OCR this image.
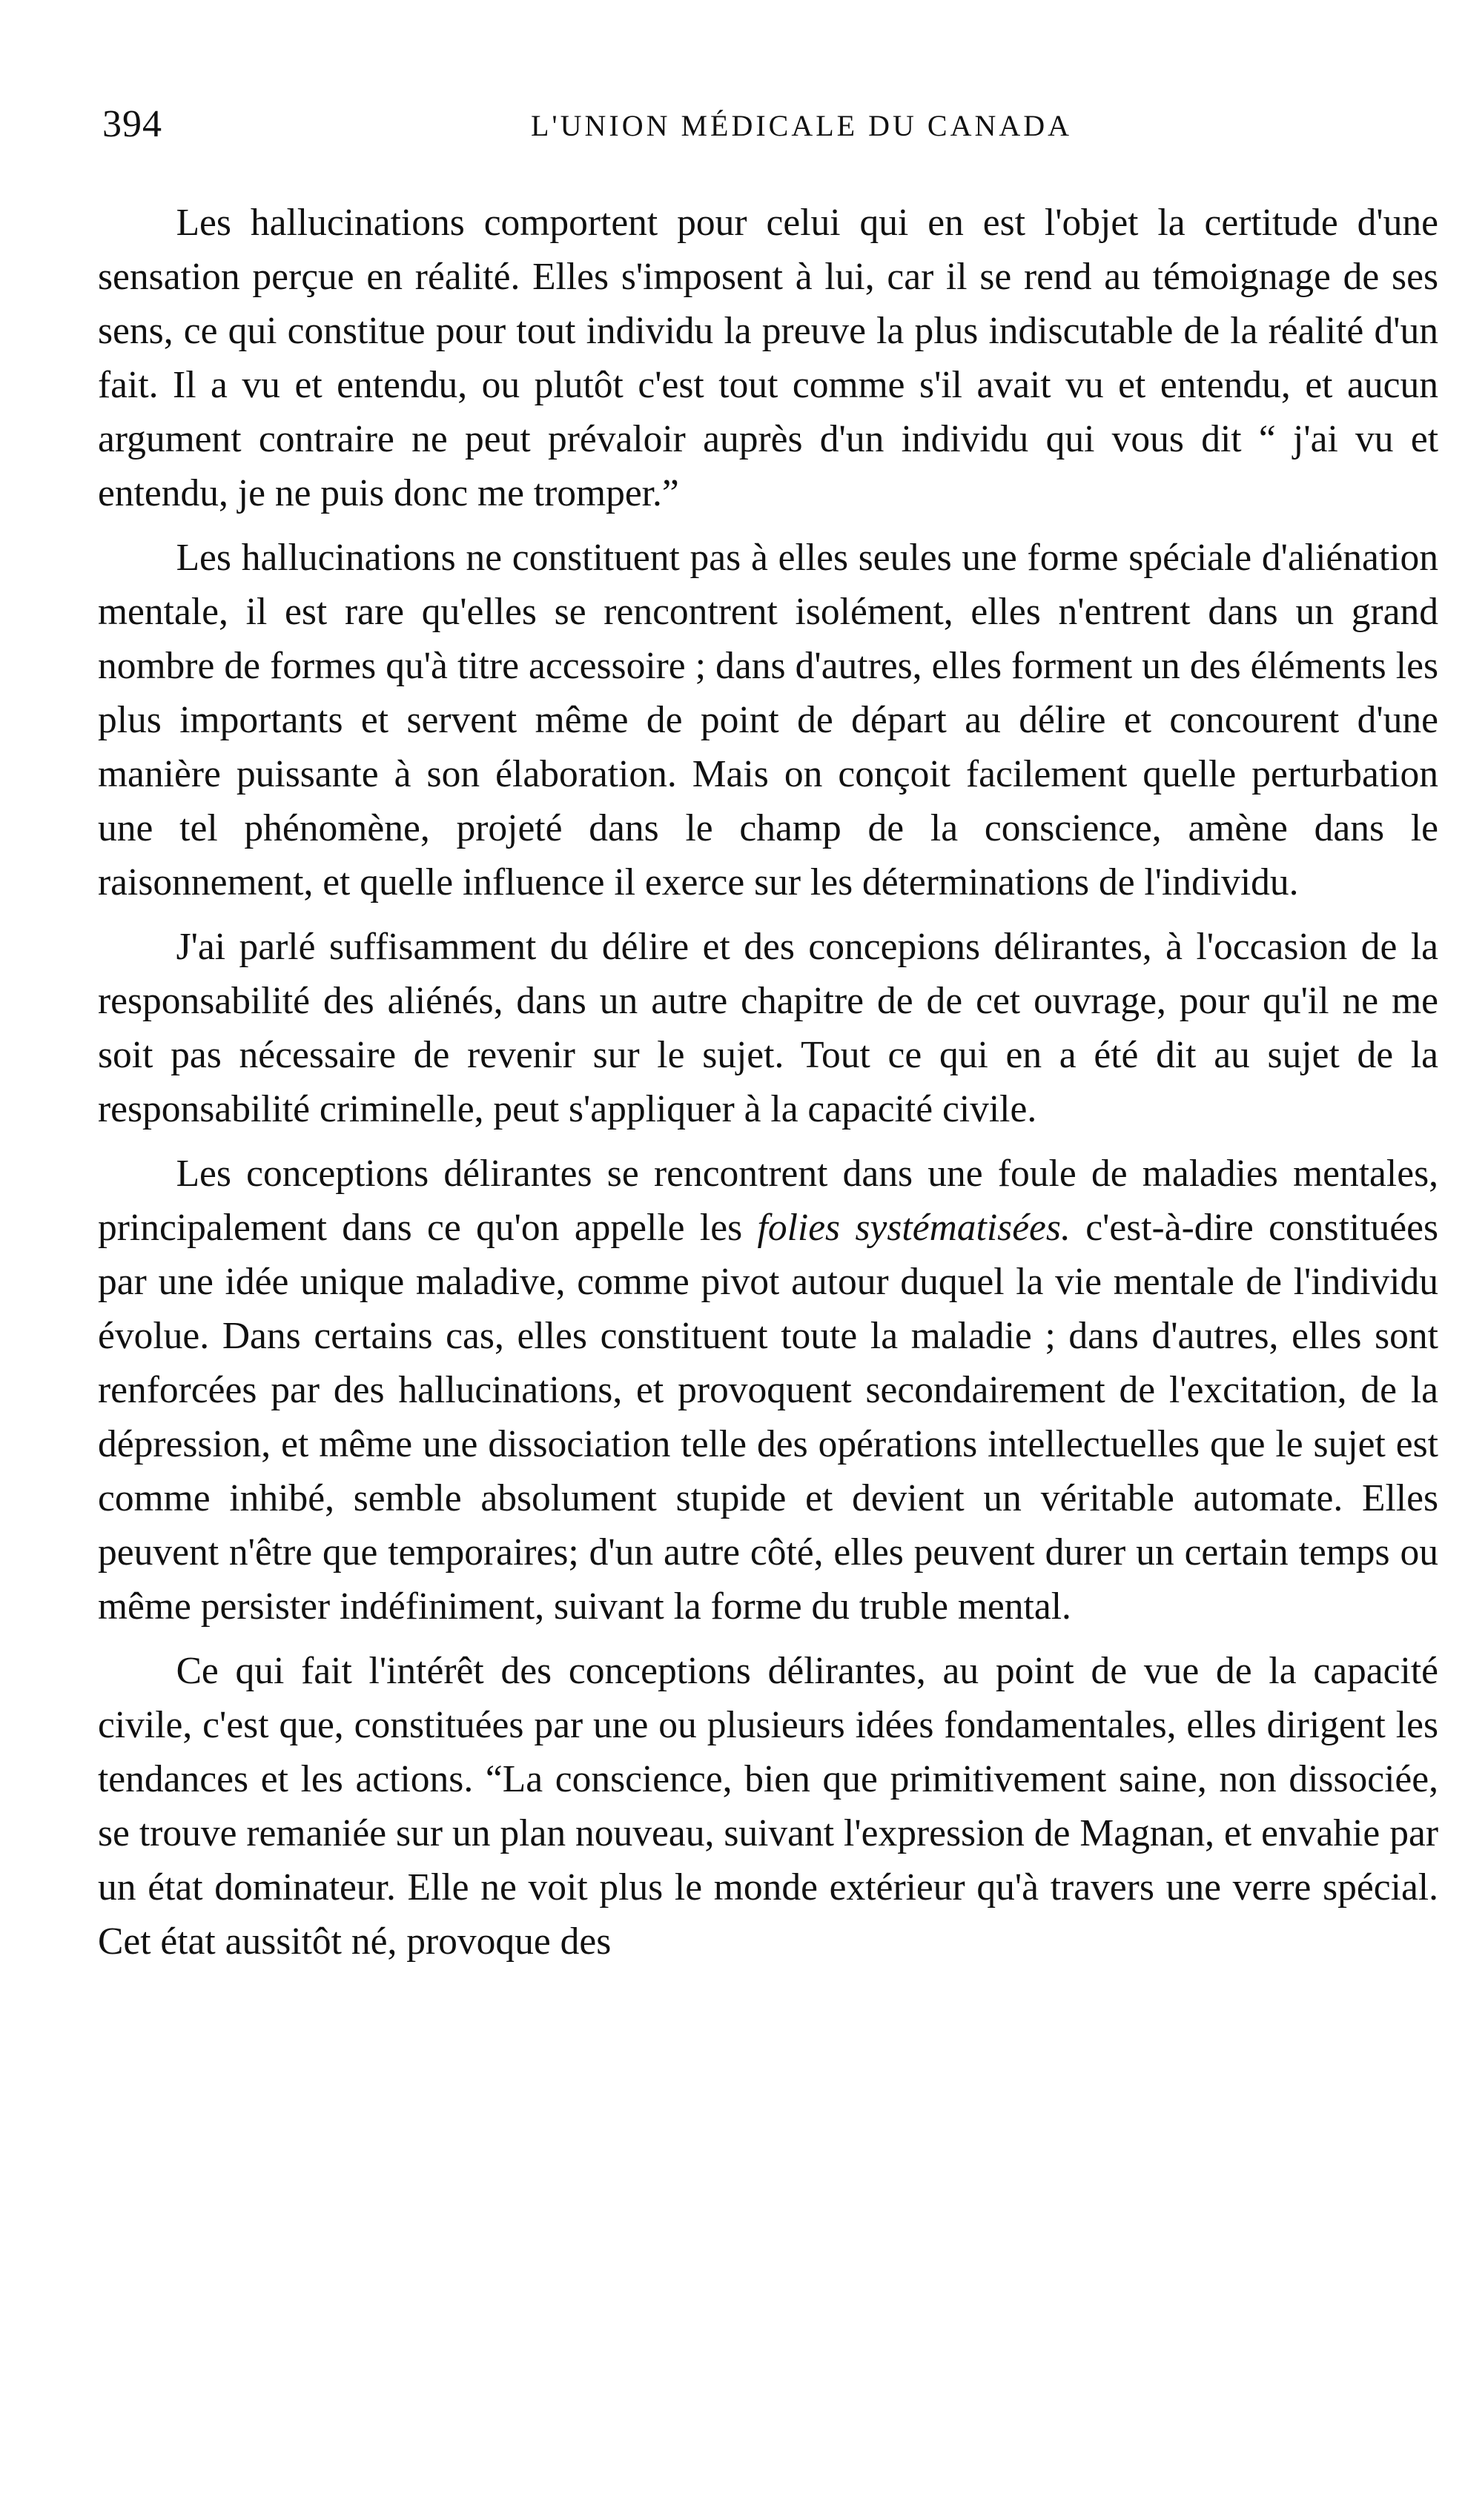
394	L'UNION MÉDICALE DU CANADA

Les hallucinations comportent pour celui qui en est l'objet la certitude d'une sensation perçue en réalité. Elles s'imposent à lui, car il se rend au témoignage de ses sens, ce qui constitue pour tout individu la preuve la plus indiscutable de la réalité d'un fait. Il a vu et entendu, ou plutôt c'est tout comme s'il avait vu et entendu, et aucun argument contraire ne peut prévaloir auprès d'un individu qui vous dit “ j'ai vu et entendu, je ne puis donc me tromper.”

Les hallucinations ne constituent pas à elles seules une forme spéciale d'aliénation mentale, il est rare qu'elles se rencontrent isolément, elles n'entrent dans un grand nombre de formes qu'à titre accessoire ; dans d'autres, elles forment un des éléments les plus importants et servent même de point de départ au délire et concourent d'une manière puissante à son élaboration. Mais on conçoit facilement quelle perturbation une tel phénomène, projeté dans le champ de la conscience, amène dans le raisonnement, et quelle influence il exerce sur les déterminations de l'individu.

J'ai parlé suffisamment du délire et des concepions délirantes, à l'occasion de la responsabilité des aliénés, dans un autre chapitre de de cet ouvrage, pour qu'il ne me soit pas nécessaire de revenir sur le sujet. Tout ce qui en a été dit au sujet de la responsabilité criminelle, peut s'appliquer à la capacité civile.

Les conceptions délirantes se rencontrent dans une foule de maladies mentales, principalement dans ce qu'on appelle les folies systématisées. c'est-à-dire constituées par une idée unique maladive, comme pivot autour duquel la vie mentale de l'individu évolue. Dans certains cas, elles constituent toute la maladie ; dans d'autres, elles sont renforcées par des hallucinations, et provoquent secondairement de l'excitation, de la dépression, et même une dissociation telle des opérations intellectuelles que le sujet est comme inhibé, semble absolument stupide et devient un véritable automate. Elles peuvent n'être que temporaires; d'un autre côté, elles peuvent durer un certain temps ou même persister indéfiniment, suivant la forme du truble mental.

Ce qui fait l'intérêt des conceptions délirantes, au point de vue de la capacité civile, c'est que, constituées par une ou plusieurs idées fondamentales, elles dirigent les tendances et les actions. “La conscience, bien que primitivement saine, non dissociée, se trouve remaniée sur un plan nouveau, suivant l'expression de Magnan, et envahie par un état dominateur. Elle ne voit plus le monde extérieur qu'à travers une verre spécial. Cet état aussitôt né, provoque des
